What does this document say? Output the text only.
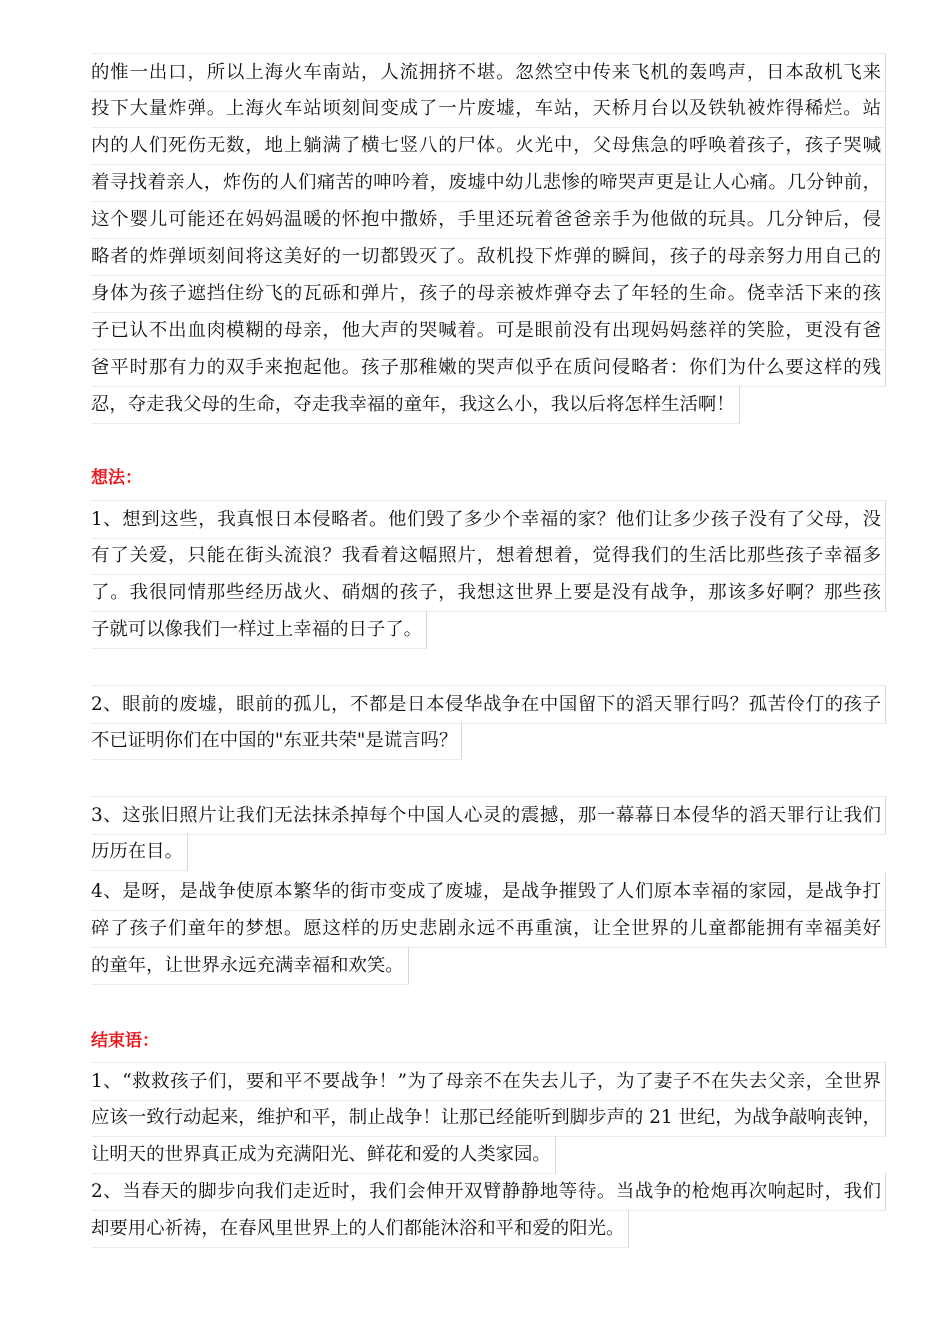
的惟一出口，所以上海火车南站，人流拥挤不堪。忽然空中传来飞机的轰鸣声，日本敌机飞来
投下大量炸弹。上海火车站顷刻间变成了一片废墟，车站，天桥月台以及铁轨被炸得稀烂。站
内的人们死伤无数，地上躺满了横七竖八的尸体。火光中，父母焦急的呼唤着孩子，孩子哭喊
着寻找着亲人，炸伤的人们痛苦的呻吟着，废墟中幼儿悲惨的啼哭声更是让人心痛。几分钟前，
这个婴儿可能还在妈妈温暖的怀抱中撒娇，手里还玩着爸爸亲手为他做的玩具。几分钟后，侵
略者的炸弹顷刻间将这美好的一切都毁灭了。敌机投下炸弹的瞬间，孩子的母亲努力用自己的
身体为孩子遮挡住纷飞的瓦砾和弹片，孩子的母亲被炸弹夺去了年轻的生命。侥幸活下来的孩
子已认不出血肉模糊的母亲，他大声的哭喊着。可是眼前没有出现妈妈慈祥的笑脸，更没有爸
爸平时那有力的双手来抱起他。孩子那稚嫩的哭声似乎在质问侵略者：你们为什么要这样的残
忍，夺走我父母的生命，夺走我幸福的童年，我这么小，我以后将怎样生活啊！
想法：
1、想到这些，我真恨日本侵略者。他们毁了多少个幸福的家？他们让多少孩子没有了父母，没
有了关爱，只能在街头流浪？我看着这幅照片，想着想着，觉得我们的生活比那些孩子幸福多
了。我很同情那些经历战火、硝烟的孩子，我想这世界上要是没有战争，那该多好啊？那些孩
子就可以像我们一样过上幸福的日子了。
2、眼前的废墟，眼前的孤儿，不都是日本侵华战争在中国留下的滔天罪行吗？孤苦伶仃的孩子
不已证明你们在中国的"东亚共荣"是谎言吗？
3、这张旧照片让我们无法抹杀掉每个中国人心灵的震撼，那一幕幕日本侵华的滔天罪行让我们
历历在目。
4、是呀，是战争使原本繁华的街市变成了废墟，是战争摧毁了人们原本幸福的家园，是战争打
碎了孩子们童年的梦想。愿这样的历史悲剧永远不再重演，让全世界的儿童都能拥有幸福美好
的童年，让世界永远充满幸福和欢笑。
结束语：
1、“救救孩子们，要和平不要战争！”为了母亲不在失去儿子，为了妻子不在失去父亲，全世界
应该一致行动起来，维护和平，制止战争！让那已经能听到脚步声的 21 世纪，为战争敲响丧钟，
让明天的世界真正成为充满阳光、鲜花和爱的人类家园。
2、当春天的脚步向我们走近时，我们会伸开双臂静静地等待。当战争的枪炮再次响起时，我们
却要用心祈祷，在春风里世界上的人们都能沐浴和平和爱的阳光。
